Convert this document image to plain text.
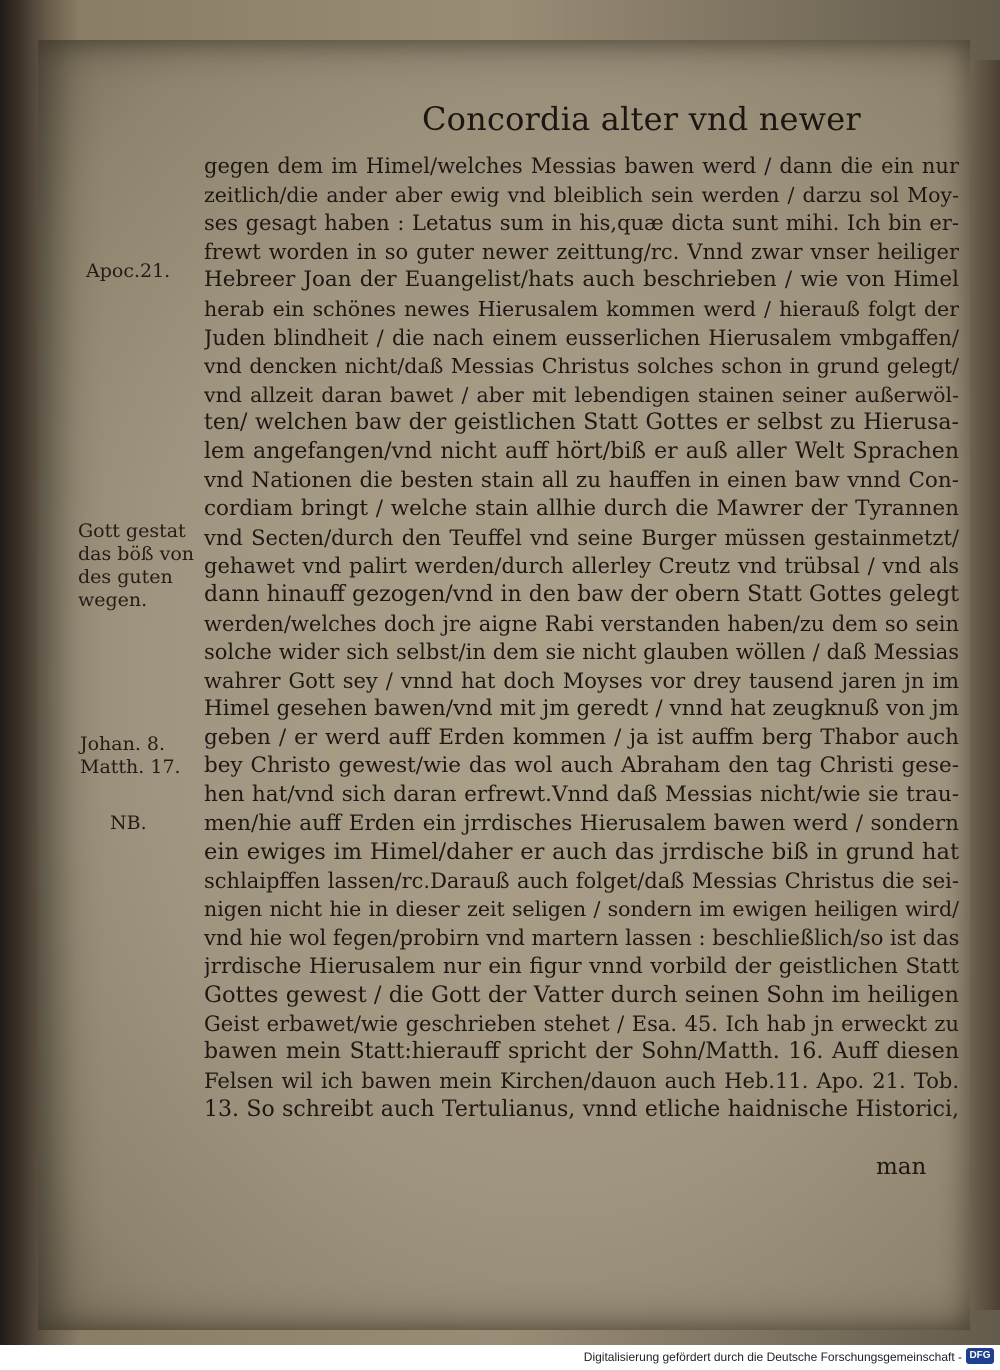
Concordia alter vnd newer
Apoc.21.
Gott gestat
das böß von
des guten
wegen.
Johan. 8.
Matth. 17.
NB.
gegen dem im Himel/welches Messias bawen werd / dann die ein nur
zeitlich/die ander aber ewig vnd bleiblich sein werden / darzu sol Moy-
ses gesagt haben : Letatus sum in his,quæ dicta sunt mihi. Ich bin er-
frewt worden in so guter newer zeittung/rc. Vnnd zwar vnser heiliger
Hebreer Joan der Euangelist/hats auch beschrieben / wie von Himel
herab ein schönes newes Hierusalem kommen werd / hierauß folgt der
Juden blindheit / die nach einem eusserlichen Hierusalem vmbgaffen/
vnd dencken nicht/daß Messias Christus solches schon in grund gelegt/
vnd allzeit daran bawet / aber mit lebendigen stainen seiner außerwöl-
ten/ welchen baw der geistlichen Statt Gottes er selbst zu Hierusa-
lem angefangen/vnd nicht auff hört/biß er auß aller Welt Sprachen
vnd Nationen die besten stain all zu hauffen in einen baw vnnd Con-
cordiam bringt / welche stain allhie durch die Mawrer der Tyrannen
vnd Secten/durch den Teuffel vnd seine Burger müssen gestainmetzt/
gehawet vnd palirt werden/durch allerley Creutz vnd trübsal / vnd als
dann hinauff gezogen/vnd in den baw der obern Statt Gottes gelegt
werden/welches doch jre aigne Rabi verstanden haben/zu dem so sein
solche wider sich selbst/in dem sie nicht glauben wöllen / daß Messias
wahrer Gott sey / vnnd hat doch Moyses vor drey tausend jaren jn im
Himel gesehen bawen/vnd mit jm geredt / vnnd hat zeugknuß von jm
geben / er werd auff Erden kommen / ja ist auffm berg Thabor auch
bey Christo gewest/wie das wol auch Abraham den tag Christi gese-
hen hat/vnd sich daran erfrewt.Vnnd daß Messias nicht/wie sie trau-
men/hie auff Erden ein jrrdisches Hierusalem bawen werd / sondern
ein ewiges im Himel/daher er auch das jrrdische biß in grund hat
schlaipffen lassen/rc.Darauß auch folget/daß Messias Christus die sei-
nigen nicht hie in dieser zeit seligen / sondern im ewigen heiligen wird/
vnd hie wol fegen/probirn vnd martern lassen : beschließlich/so ist das
jrrdische Hierusalem nur ein figur vnnd vorbild der geistlichen Statt
Gottes gewest / die Gott der Vatter durch seinen Sohn im heiligen
Geist erbawet/wie geschrieben stehet / Esa. 45. Ich hab jn erweckt zu
bawen mein Statt:hierauff spricht der Sohn/Matth. 16. Auff diesen
Felsen wil ich bawen mein Kirchen/dauon auch Heb.11. Apo. 21. Tob.
13. So schreibt auch Tertulianus, vnnd etliche haidnische Historici,
man
Digitalisierung gefördert durch die Deutsche Forschungsgemeinschaft - DFG
